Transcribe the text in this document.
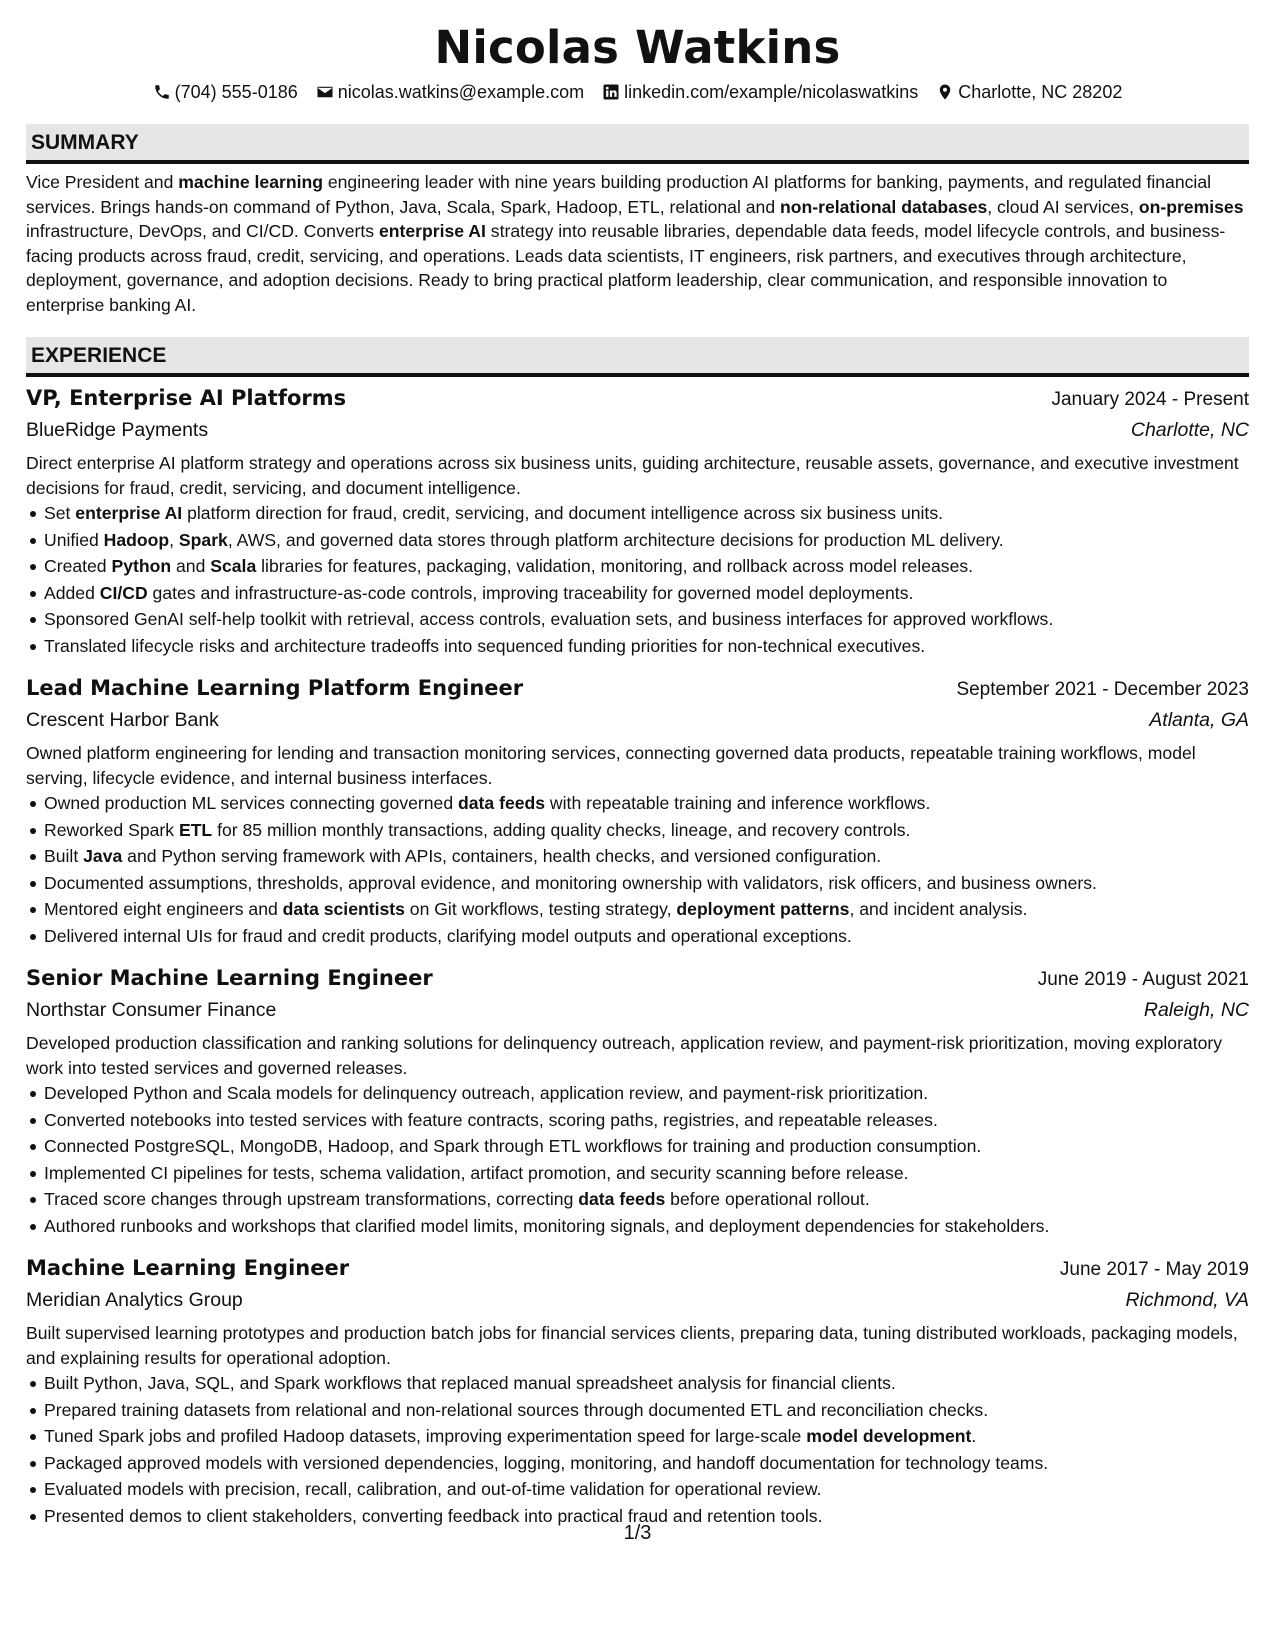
Nicolas Watkins
(704) 555-0186 nicolas.watkins@example.com linkedin.com/example/nicolaswatkins Charlotte, NC 28202
SUMMARY
Vice President and machine learning engineering leader with nine years building production AI platforms for banking, payments, and regulated financial services. Brings hands-on command of Python, Java, Scala, Spark, Hadoop, ETL, relational and non-relational databases, cloud AI services, on-premises infrastructure, DevOps, and CI/CD. Converts enterprise AI strategy into reusable libraries, dependable data feeds, model lifecycle controls, and business-facing products across fraud, credit, servicing, and operations. Leads data scientists, IT engineers, risk partners, and executives through architecture, deployment, governance, and adoption decisions. Ready to bring practical platform leadership, clear communication, and responsible innovation to enterprise banking AI.
EXPERIENCE
VP, Enterprise AI Platforms	January 2024 - Present
BlueRidge Payments	Charlotte, NC
Direct enterprise AI platform strategy and operations across six business units, guiding architecture, reusable assets, governance, and executive investment decisions for fraud, credit, servicing, and document intelligence.
Set enterprise AI platform direction for fraud, credit, servicing, and document intelligence across six business units.
Unified Hadoop, Spark, AWS, and governed data stores through platform architecture decisions for production ML delivery.
Created Python and Scala libraries for features, packaging, validation, monitoring, and rollback across model releases.
Added CI/CD gates and infrastructure-as-code controls, improving traceability for governed model deployments.
Sponsored GenAI self-help toolkit with retrieval, access controls, evaluation sets, and business interfaces for approved workflows.
Translated lifecycle risks and architecture tradeoffs into sequenced funding priorities for non-technical executives.
Lead Machine Learning Platform Engineer	September 2021 - December 2023
Crescent Harbor Bank	Atlanta, GA
Owned platform engineering for lending and transaction monitoring services, connecting governed data products, repeatable training workflows, model serving, lifecycle evidence, and internal business interfaces.
Owned production ML services connecting governed data feeds with repeatable training and inference workflows.
Reworked Spark ETL for 85 million monthly transactions, adding quality checks, lineage, and recovery controls.
Built Java and Python serving framework with APIs, containers, health checks, and versioned configuration.
Documented assumptions, thresholds, approval evidence, and monitoring ownership with validators, risk officers, and business owners.
Mentored eight engineers and data scientists on Git workflows, testing strategy, deployment patterns, and incident analysis.
Delivered internal UIs for fraud and credit products, clarifying model outputs and operational exceptions.
Senior Machine Learning Engineer	June 2019 - August 2021
Northstar Consumer Finance	Raleigh, NC
Developed production classification and ranking solutions for delinquency outreach, application review, and payment-risk prioritization, moving exploratory work into tested services and governed releases.
Developed Python and Scala models for delinquency outreach, application review, and payment-risk prioritization.
Converted notebooks into tested services with feature contracts, scoring paths, registries, and repeatable releases.
Connected PostgreSQL, MongoDB, Hadoop, and Spark through ETL workflows for training and production consumption.
Implemented CI pipelines for tests, schema validation, artifact promotion, and security scanning before release.
Traced score changes through upstream transformations, correcting data feeds before operational rollout.
Authored runbooks and workshops that clarified model limits, monitoring signals, and deployment dependencies for stakeholders.
Machine Learning Engineer	June 2017 - May 2019
Meridian Analytics Group	Richmond, VA
Built supervised learning prototypes and production batch jobs for financial services clients, preparing data, tuning distributed workloads, packaging models, and explaining results for operational adoption.
Built Python, Java, SQL, and Spark workflows that replaced manual spreadsheet analysis for financial clients.
Prepared training datasets from relational and non-relational sources through documented ETL and reconciliation checks.
Tuned Spark jobs and profiled Hadoop datasets, improving experimentation speed for large-scale model development.
Packaged approved models with versioned dependencies, logging, monitoring, and handoff documentation for technology teams.
Evaluated models with precision, recall, calibration, and out-of-time validation for operational review.
Presented demos to client stakeholders, converting feedback into practical fraud and retention tools.
1/3
